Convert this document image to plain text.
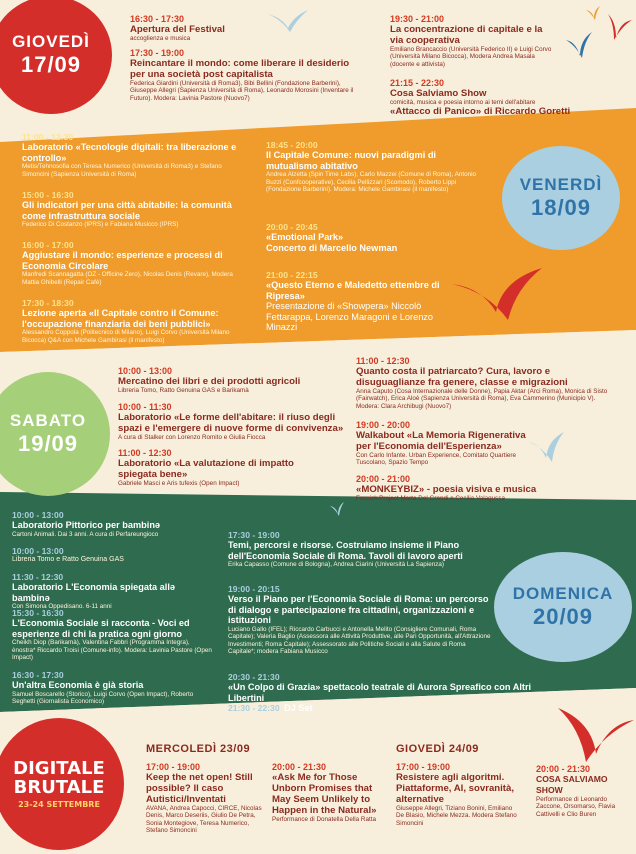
GIOVEDÌ
17/09
VENERDÌ
18/09
SABATO
19/09
DOMENICA
20/09
DIGITALE
BRUTALE
23-24 SETTEMBRE
16:30 - 17:30
Apertura del Festival
accoglienza e musica
17:30 - 19:00
Reincantare il mondo: come liberare il desiderio per una società post capitalista
Federica Giardini (Università di Roma3), Bibi Bellini (Fondazione Barberini), Giuseppe Allegri (Sapienza Università di Roma), Leonardo Morosini (Inventare il Futuro). Modera: Lavinia Pastore (Nuovo7)
19:30 - 21:00
La concentrazione di capitale e la via cooperativa
Emiliano Brancaccio (Università Federico II) e Luigi Corvo (Università Milano Bicocca), Modera Andrea Masala (docente e attivista)
21:15 - 22:30
Cosa Salviamo Show
comicità, musica e poesia intorno ai temi dell'abitare
«Attacco di Panico» di Riccardo Goretti
11:00 - 12:30
Laboratorio «Tecnologie digitali: tra liberazione e controllo»
Metis/Tehnosofia con Teresa Numerico (Università di Roma3) e Stefano Simoncini (Sapienza Università di Roma)
15:00 - 16:30
Gli indicatori per una città abitabile: la comunità come infrastruttura sociale
Federico Di Costanzo (IPRS) e Fabiana Musicco (IPRS)
16:00 - 17:00
Aggiustare il mondo: esperienze e processi di Economia Circolare
Manfredi Scannagatta (OZ - Officine Zero), Nicolas Denis (Revare), Modera Mattia Ghibelli (Repair Cafè)
17:30 - 18:30
Lezione aperta «Il Capitale contro il Comune: l'occupazione finanziaria dei beni pubblici»
Alessandro Coppola (Politecnico di Milano), Luigi Corvo (Università Milano Bicocca) Q&A con Michele Gambirasi (il manifesto)
18:45 - 20:00
Il Capitale Comune: nuovi paradigmi di mutualismo abitativo
Andrea Alzetta (Spin Time Labs), Carlo Mazzei (Comune di Roma), Antonio Buzzi (Confcooperative), Cecilia Pellizzari (Scomodo), Roberto Lippi (Fondazione Barberini). Modera: Michele Gambirasi (il manifesto)
20:00 - 20:45
«Emotional Park»
Concerto di Marcello Newman
21:00 - 22:15
«Questo Eterno e Maledetto ettembre di Ripresa»
Presentazione di «Showpera» Niccolò Fettarappa, Lorenzo Maragoni e Lorenzo Minazzi
10:00 - 13:00
Mercatino dei libri e dei prodotti agricoli
Libreria Tomo, Ratto Genuina GAS e Barikamà
10:00 - 11:30
Laboratorio «Le forme dell'abitare: il riuso degli spazi e l'emergere di nuove forme di convivenza»
A cura di Stalker con Lorenzo Romito e Giulia Fiocca
11:00 - 12:30
Laboratorio «La valutazione di impatto spiegata bene»
Gabriele Masci e Aris tufexis (Open Impact)
11:00 - 12:30
Quanto costa il patriarcato? Cura, lavoro e disuguaglianze fra genere, classe e migrazioni
Anna Caputo (Cosa Internazionale delle Donne), Papia Aktar (Arci Roma), Monica di Sisto (Fairwatch), Erica Aloè (Sapienza Università di Roma), Eva Cammerino (Municipio V). Modera: Clara Archibugi (Nuovo7)
19:00 - 20:00
Walkabout «La Memoria Rigenerativa per l'Economia dell'Esperienza»
Con Carlo Infante. Urban Experience, Comitato Quartiere Tuscolano, Spazio Tempo
20:00 - 21:00
«MONKEYBIZ» - poesia visiva e musica
Fossick Project Marta Del Grandi e Cecilia Valagussa
10:00 - 13:00
Laboratorio Pittorico per bambinә
Cartoni Animali. Dai 3 anni. A cura di Perfareungioco
10:00 - 13:00
Libreria Tomo e Ratto Genuina GAS
11:30 - 12:30
Laboratorio L'Economia spiegata allә bambinә
Con Simona Oppedisano. 6-11 anni
15:30 - 16:30
L'Economia Sociale si racconta - Voci ed esperienze di chi la pratica ogni giorno
Cheikh Diop (Barikamà), Valentina Fabbri (Programma Integra), ènostra* Riccardo Troisi (Comune-info). Modera: Lavinia Pastore (Open Impact)
16:30 - 17:30
Un'altra Economia è già storia
Samuel Boscarello (Storico), Luigi Corvo (Open Impact), Roberto Seghetti (Giornalista Economico)
17:30 - 19:00
Temi, percorsi e risorse. Costruiamo insieme il Piano dell'Economia Sociale di Roma. Tavoli di lavoro aperti
Erika Capasso (Comune di Bologna), Andrea Ciarini (Università La Sapienza)
19:00 - 20:15
Verso il Piano per l'Economia Sociale di Roma: un percorso di dialogo e partecipazione fra cittadini, organizzazioni e istituzioni
Luciano Gallo (IFEL); Riccardo Carbucci e Antonella Melito (Consigliere Comunali, Roma Capitale); Valeria Baglio (Assessora alle Attività Produttive, alle Pari Opportunità, all'Attrazione Investimenti; Roma Capitale); Assessorato alle Politiche Sociali e alla Salute di Roma Capitale*; modera Fabiana Musicco
20:30 - 21:30
«Un Colpo di Grazia» spettacolo teatrale di Aurora Spreafico con Altri Libertini
21:30 - 22:30 DJ Set
MERCOLEDÌ 23/09	GIOVEDÌ 24/09
17:00 - 19:00
Keep the net open! Still possible? Il caso Autistici/Inventati
AVANA, Andrea Capocci, CIRCE, Nicolas Denis, Marco Deseriis, Giulio De Petra, Sonia Montegiove, Teresa Numerico, Stefano Simoncini
20:00 - 21:30
«Ask Me for Those Unborn Promises that May Seem Unlikely to Happen in the Natural»
Performance di Donatella Della Ratta
17:00 - 19:00
Resistere agli algoritmi. Piattaforme, AI, sovranità, alternative
Giuseppe Allegri, Tiziano Bonini, Emiliano De Blasio, Michele Mezza. Modera Stefano Simoncini
20:00 - 21:30
COSA SALVIAMO SHOW
Performance di Leonardo Zaccone, Orsomarso, Flavia Cattivelli e Clio Buren
